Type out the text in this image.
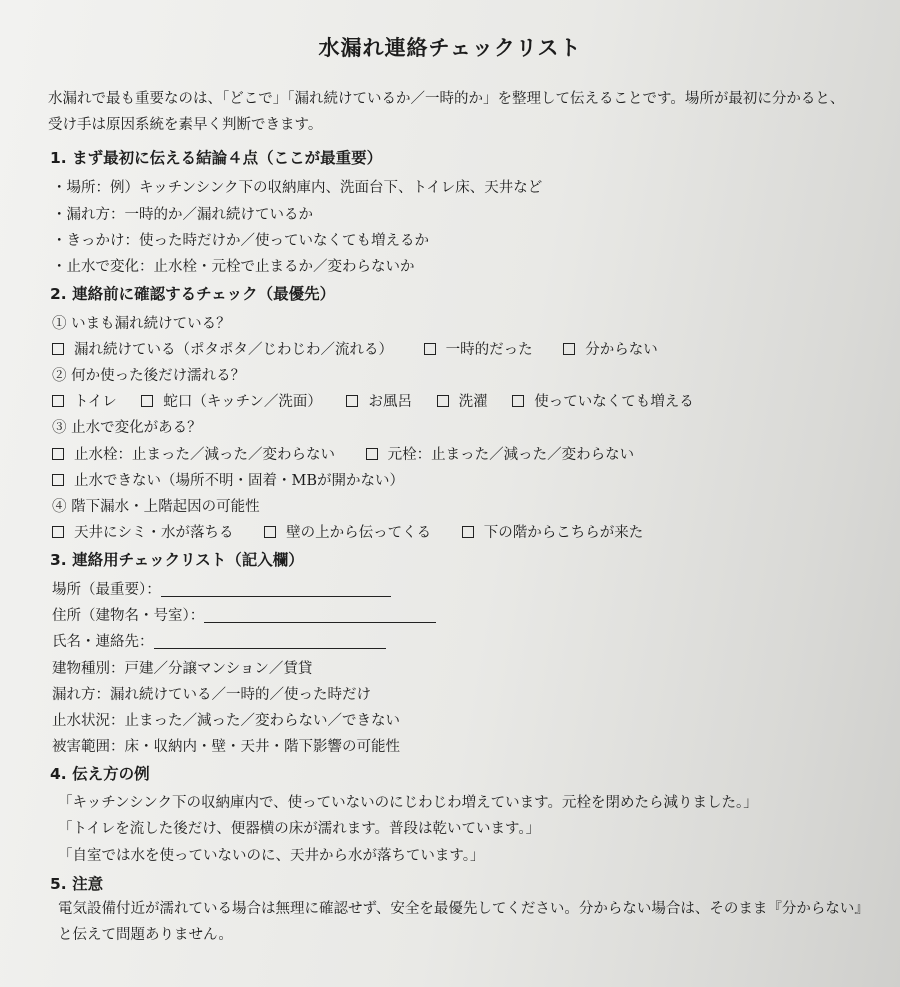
水漏れ連絡チェックリスト
水漏れで最も重要なのは、「どこで」「漏れ続けているか／一時的か」を整理して伝えることです。場所が最初に分かると、受け手は原因系統を素早く判断できます。
1. まず最初に伝える結論４点（ここが最重要）
・場所：例）キッチンシンク下の収納庫内、洗面台下、トイレ床、天井など
・漏れ方：一時的か／漏れ続けているか
・きっかけ：使った時だけか／使っていなくても増えるか
・止水で変化：止水栓・元栓で止まるか／変わらないか
2. 連絡前に確認するチェック（最優先）
① いまも漏れ続けている？
漏れ続けている（ポタポタ／じわじわ／流れる）	一時的だった	分からない
② 何か使った後だけ濡れる？
トイレ	蛇口（キッチン／洗面）	お風呂	洗濯	使っていなくても増える
③ 止水で変化がある？
止水栓：止まった／減った／変わらない	元栓：止まった／減った／変わらない
止水できない（場所不明・固着・MBが開かない）
④ 階下漏水・上階起因の可能性
天井にシミ・水が落ちる	壁の上から伝ってくる	下の階からこちらが来た
3. 連絡用チェックリスト（記入欄）
場所（最重要）：
住所（建物名・号室）：
氏名・連絡先：
建物種別：戸建／分譲マンション／賃貸
漏れ方：漏れ続けている／一時的／使った時だけ
止水状況：止まった／減った／変わらない／できない
被害範囲：床・収納内・壁・天井・階下影響の可能性
4. 伝え方の例
「キッチンシンク下の収納庫内で、使っていないのにじわじわ増えています。元栓を閉めたら減りました。」
「トイレを流した後だけ、便器横の床が濡れます。普段は乾いています。」
「自室では水を使っていないのに、天井から水が落ちています。」
5. 注意
電気設備付近が濡れている場合は無理に確認せず、安全を最優先してください。分からない場合は、そのまま『分からない』と伝えて問題ありません。
